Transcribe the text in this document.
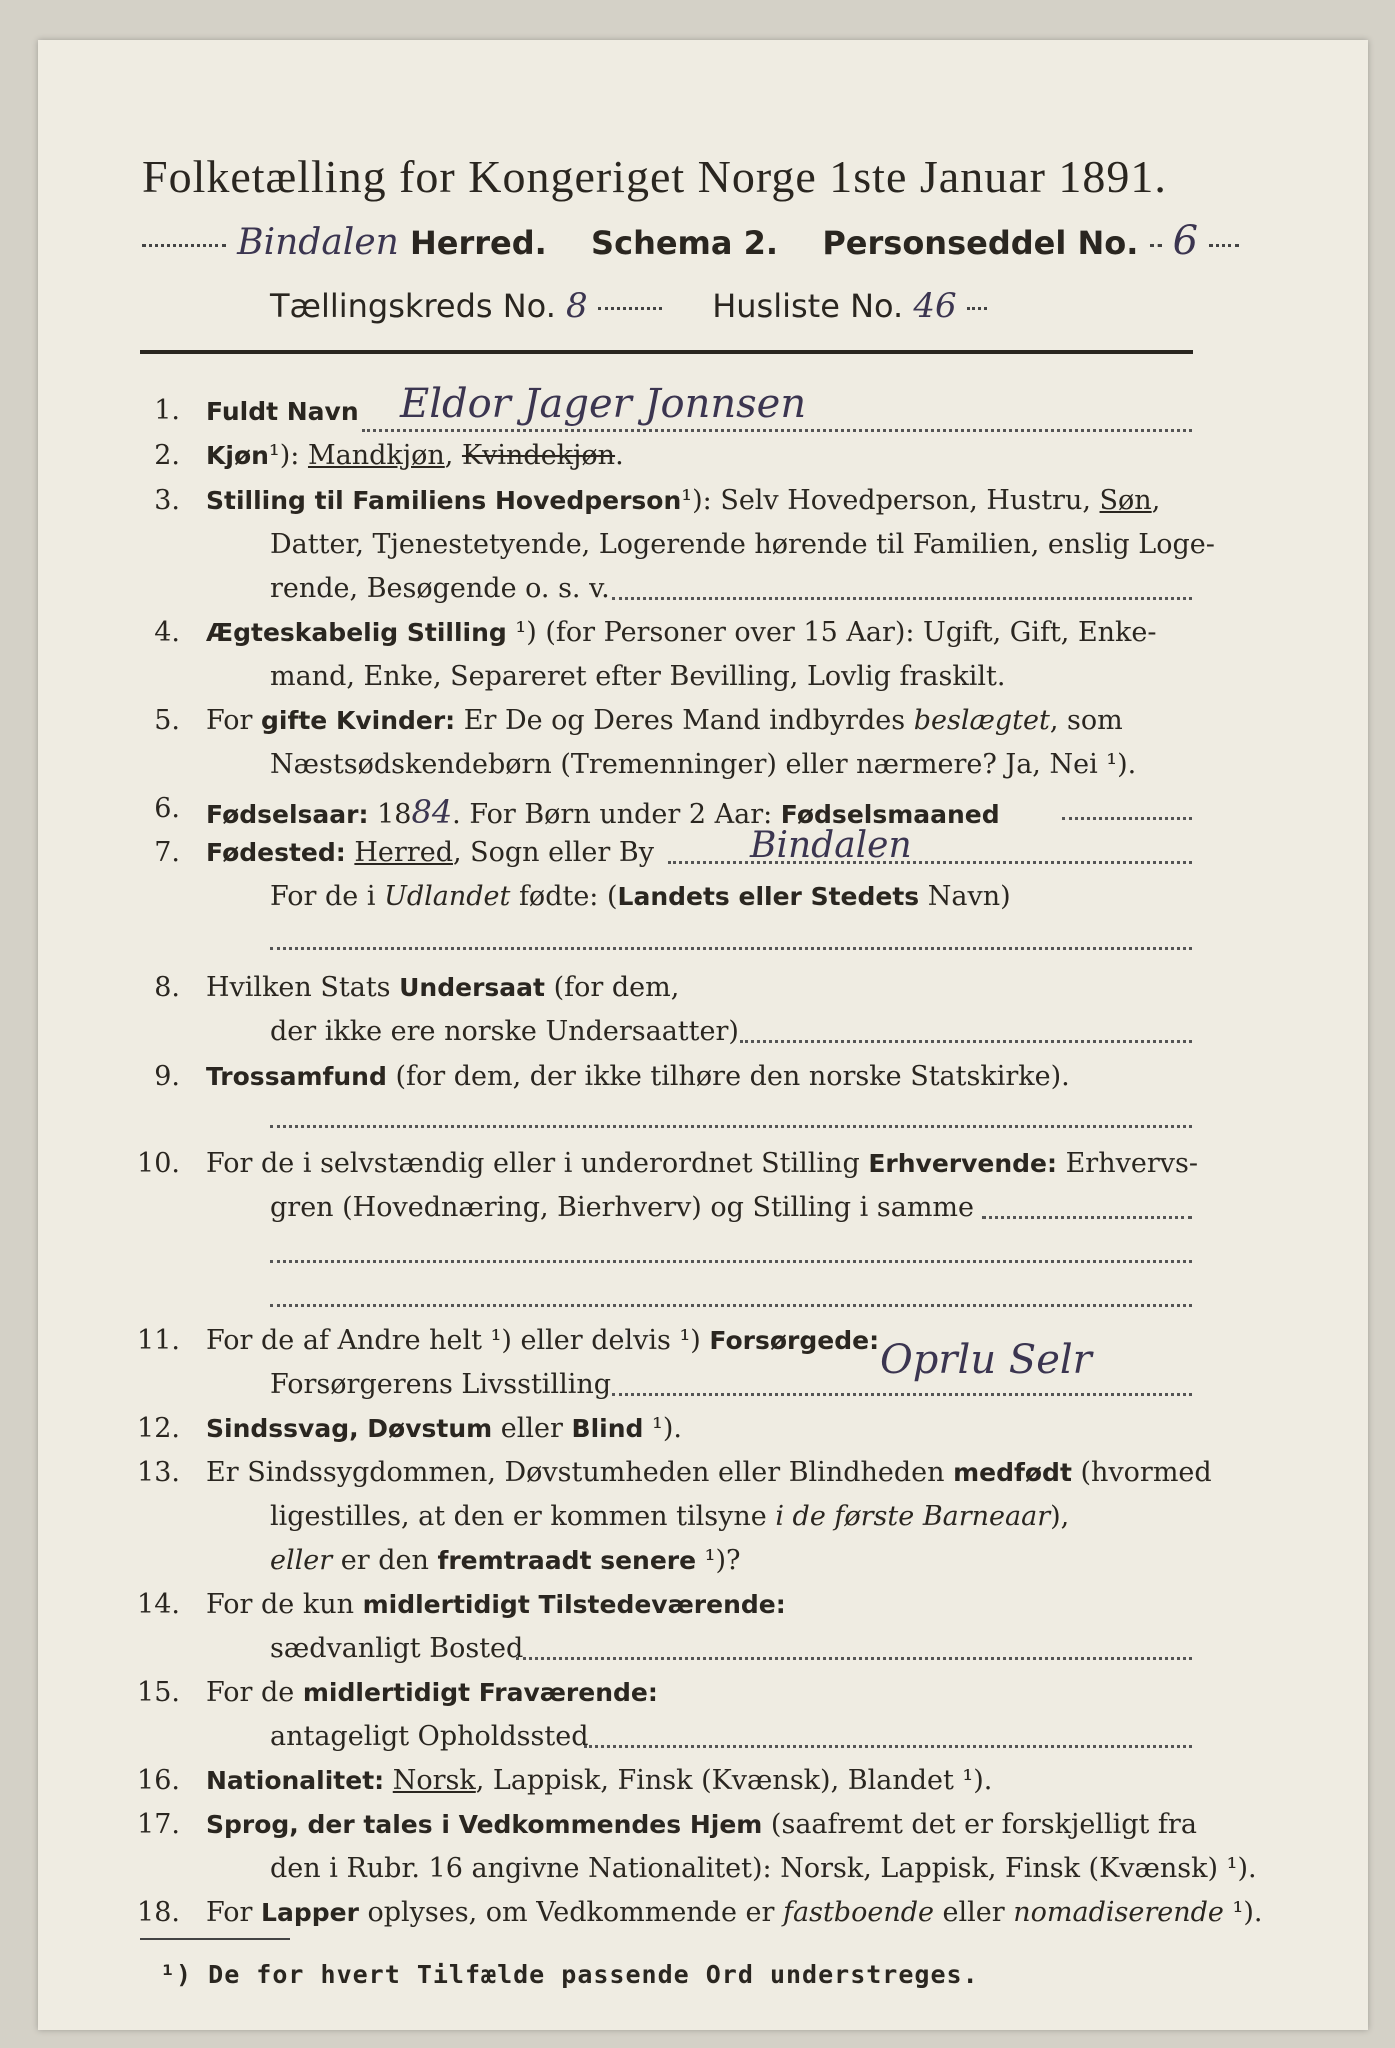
Folketælling for Kongeriget Norge 1ste Januar 1891.
Bindalen Herred. Schema 2. Personseddel No. 6
Tællingskreds No. 8	Husliste No. 46
1. Fuldt Navn Eldor Jager Jonnsen
2. Kjøn¹): Mandkjøn, Kvindekjøn.
3. Stilling til Familiens Hovedperson¹): Selv Hovedperson, Hustru, Søn,
Datter, Tjenestetyende, Logerende hørende til Familien, enslig Loge-
rende, Besøgende o. s. v.
4. Ægteskabelig Stilling ¹) (for Personer over 15 Aar): Ugift, Gift, Enke-
mand, Enke, Separeret efter Bevilling, Lovlig fraskilt.
5. For gifte Kvinder: Er De og Deres Mand indbyrdes beslægtet, som
Næstsødskendebørn (Tremenninger) eller nærmere? Ja, Nei ¹).
6. Fødselsaar: 1884. For Børn under 2 Aar: Fødselsmaaned
7. Fødested: Herred, Sogn eller By	Bindalen
For de i Udlandet fødte: (Landets eller Stedets Navn)
8. Hvilken Stats Undersaat (for dem,
der ikke ere norske Undersaatter)
9. Trossamfund (for dem, der ikke tilhøre den norske Statskirke).
10. For de i selvstændig eller i underordnet Stilling Erhvervende: Erhvervs-
gren (Hovednæring, Bierhverv) og Stilling i samme
11. For de af Andre helt ¹) eller delvis ¹) Forsørgede:
Forsørgerens Livsstilling
Oprlu Selr
12. Sindssvag, Døvstum eller Blind ¹).
13. Er Sindssygdommen, Døvstumheden eller Blindheden medfødt (hvormed
ligestilles, at den er kommen tilsyne i de første Barneaar),
eller er den fremtraadt senere ¹)?
14. For de kun midlertidigt Tilstedeværende:
sædvanligt Bosted
15. For de midlertidigt Fraværende:
antageligt Opholdssted
16. Nationalitet: Norsk, Lappisk, Finsk (Kvænsk), Blandet ¹).
17. Sprog, der tales i Vedkommendes Hjem (saafremt det er forskjelligt fra
den i Rubr. 16 angivne Nationalitet): Norsk, Lappisk, Finsk (Kvænsk) ¹).
18. For Lapper oplyses, om Vedkommende er fastboende eller nomadiserende ¹).
¹) De for hvert Tilfælde passende Ord understreges.
